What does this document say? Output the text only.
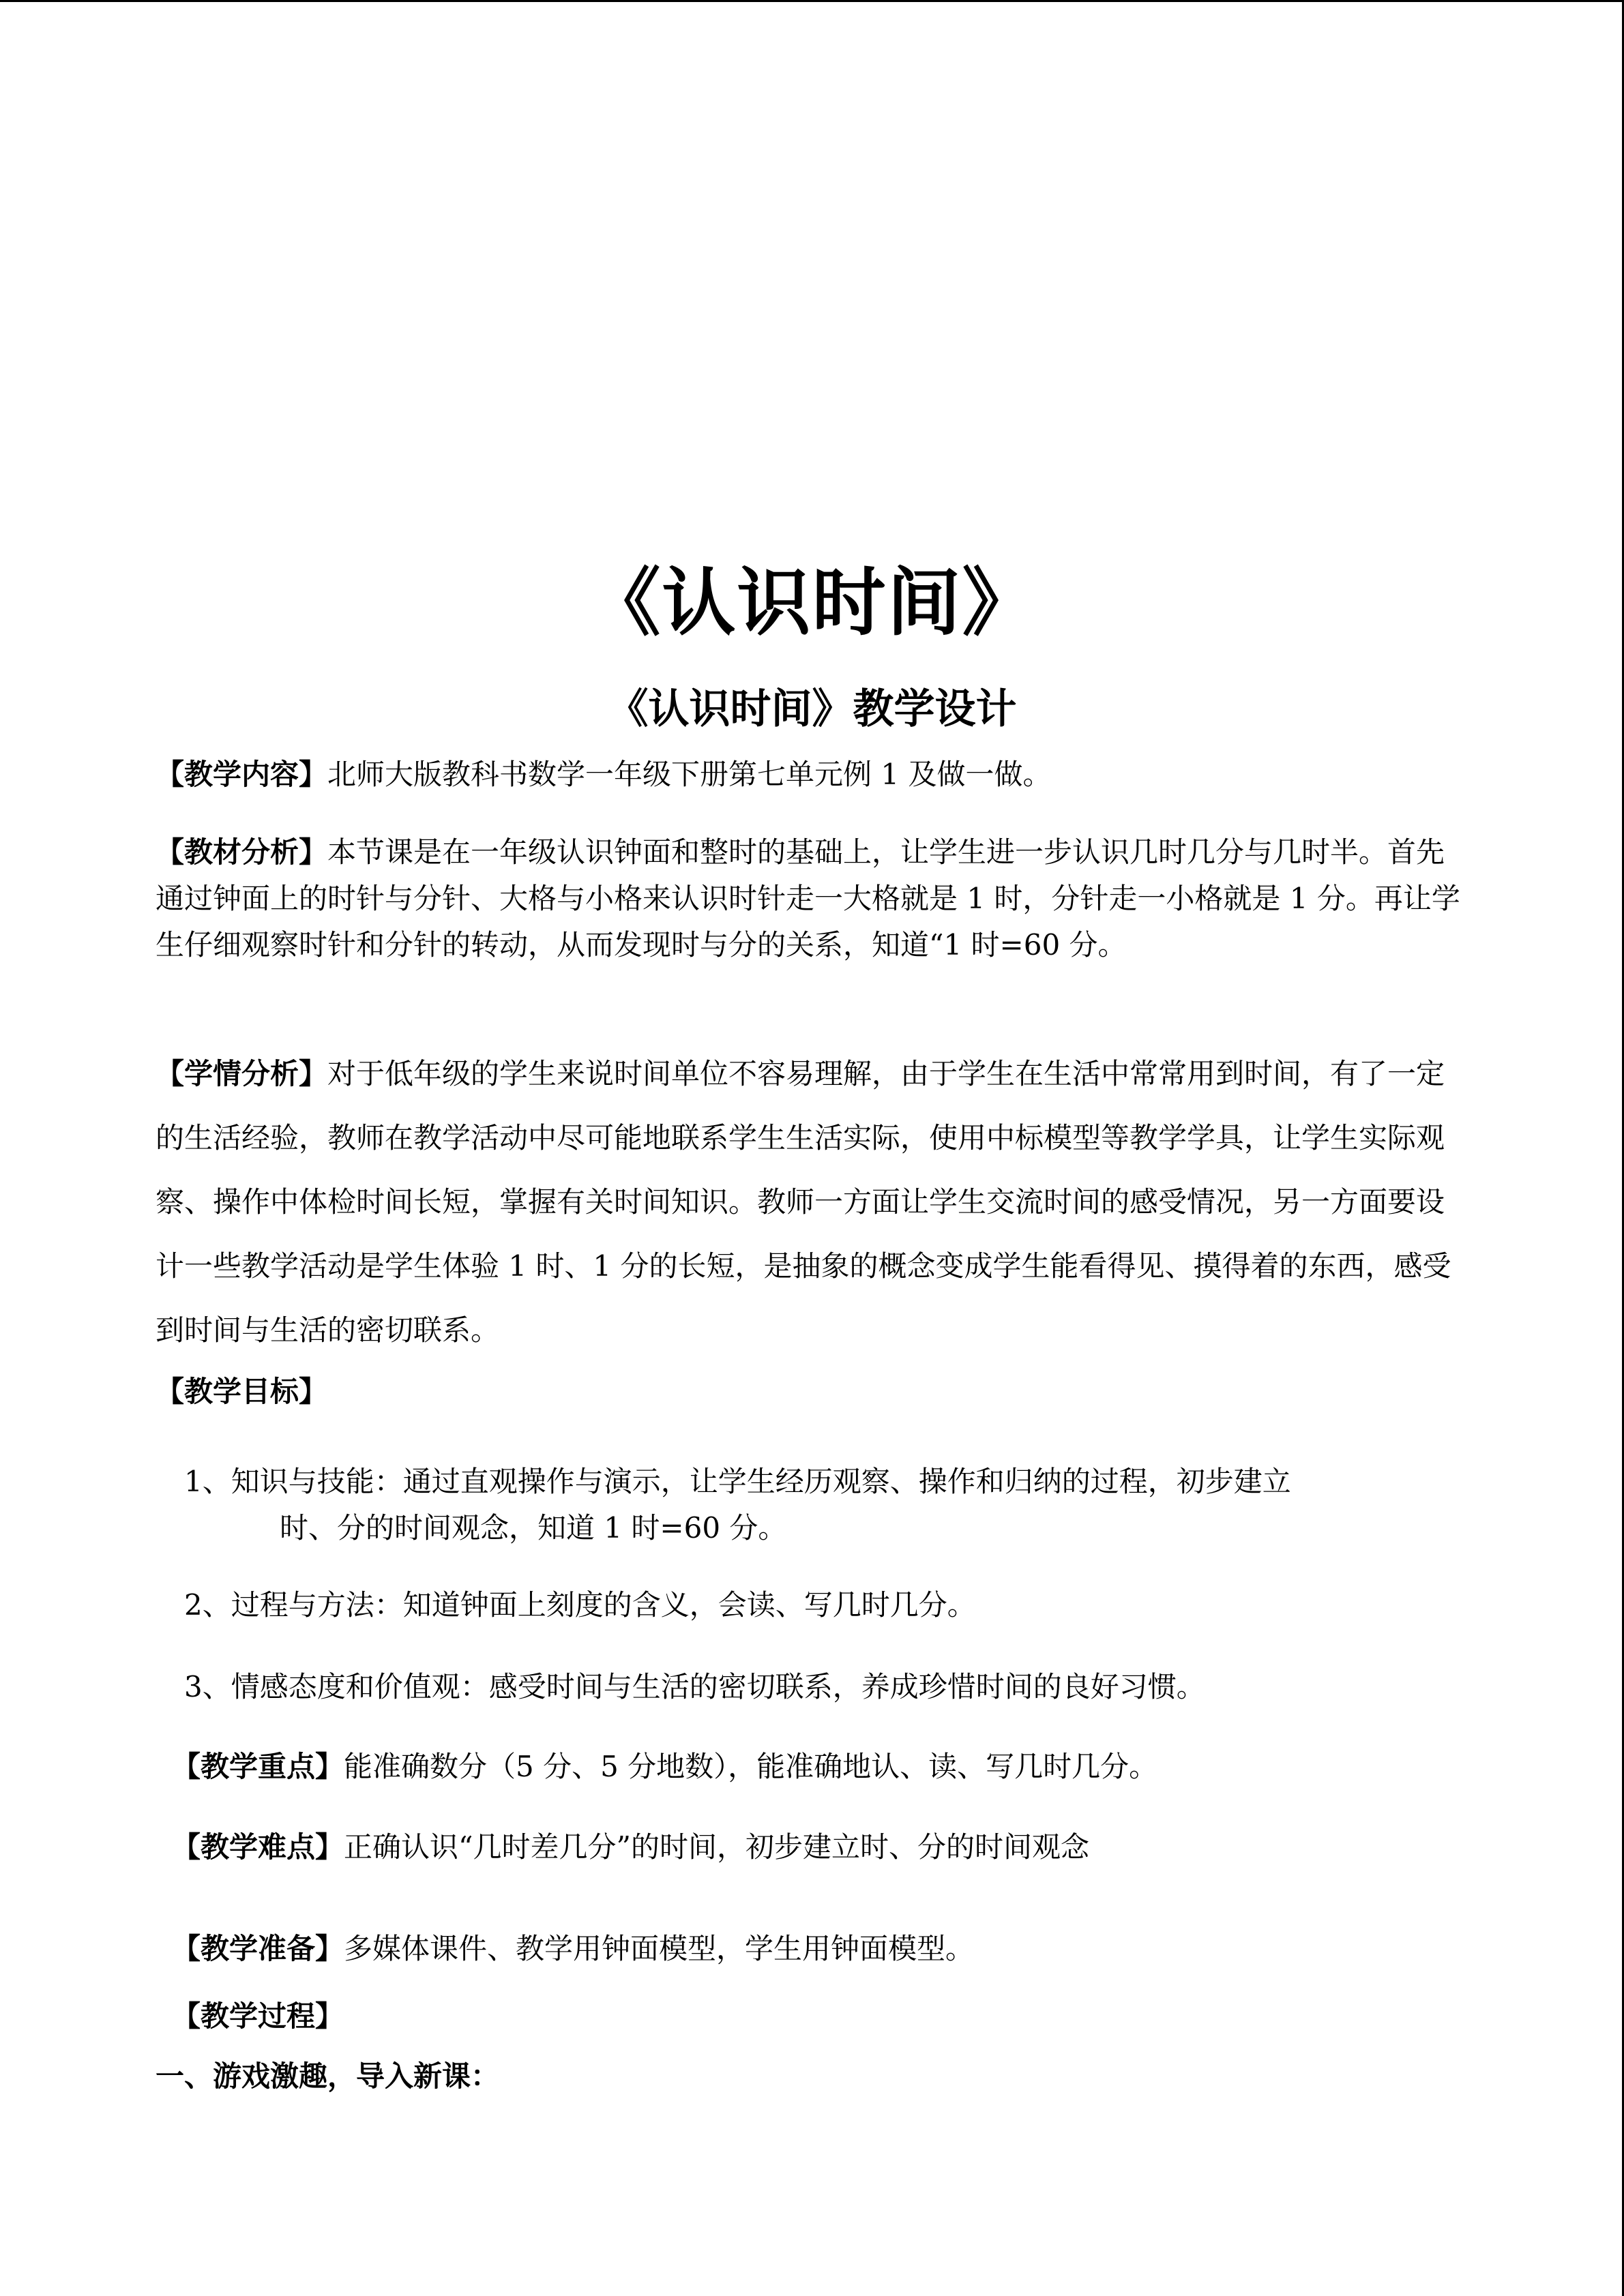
《认识时间》
《认识时间》教学设计
【教学内容】北师大版教科书数学一年级下册第七单元例 1 及做一做。
【教材分析】本节课是在一年级认识钟面和整时的基础上，让学生进一步认识几时几分与几时半。首先通过钟面上的时针与分针、大格与小格来认识时针走一大格就是 1 时，分针走一小格就是 1 分。再让学生仔细观察时针和分针的转动，从而发现时与分的关系，知道“1 时=60 分。
【学情分析】对于低年级的学生来说时间单位不容易理解，由于学生在生活中常常用到时间，有了一定的生活经验，教师在教学活动中尽可能地联系学生生活实际，使用中标模型等教学学具，让学生实际观察、操作中体检时间长短，掌握有关时间知识。教师一方面让学生交流时间的感受情况，另一方面要设计一些教学活动是学生体验 1 时、1 分的长短，是抽象的概念变成学生能看得见、摸得着的东西，感受到时间与生活的密切联系。
【教学目标】
1、知识与技能：通过直观操作与演示，让学生经历观察、操作和归纳的过程，初步建立
时、分的时间观念，知道 1 时=60 分。
2、过程与方法：知道钟面上刻度的含义，会读、写几时几分。
3、情感态度和价值观：感受时间与生活的密切联系，养成珍惜时间的良好习惯。
【教学重点】能准确数分（5 分、5 分地数），能准确地认、读、写几时几分。
【教学难点】正确认识“几时差几分”的时间，初步建立时、分的时间观念
【教学准备】多媒体课件、教学用钟面模型，学生用钟面模型。
【教学过程】
一、游戏激趣，导入新课：
